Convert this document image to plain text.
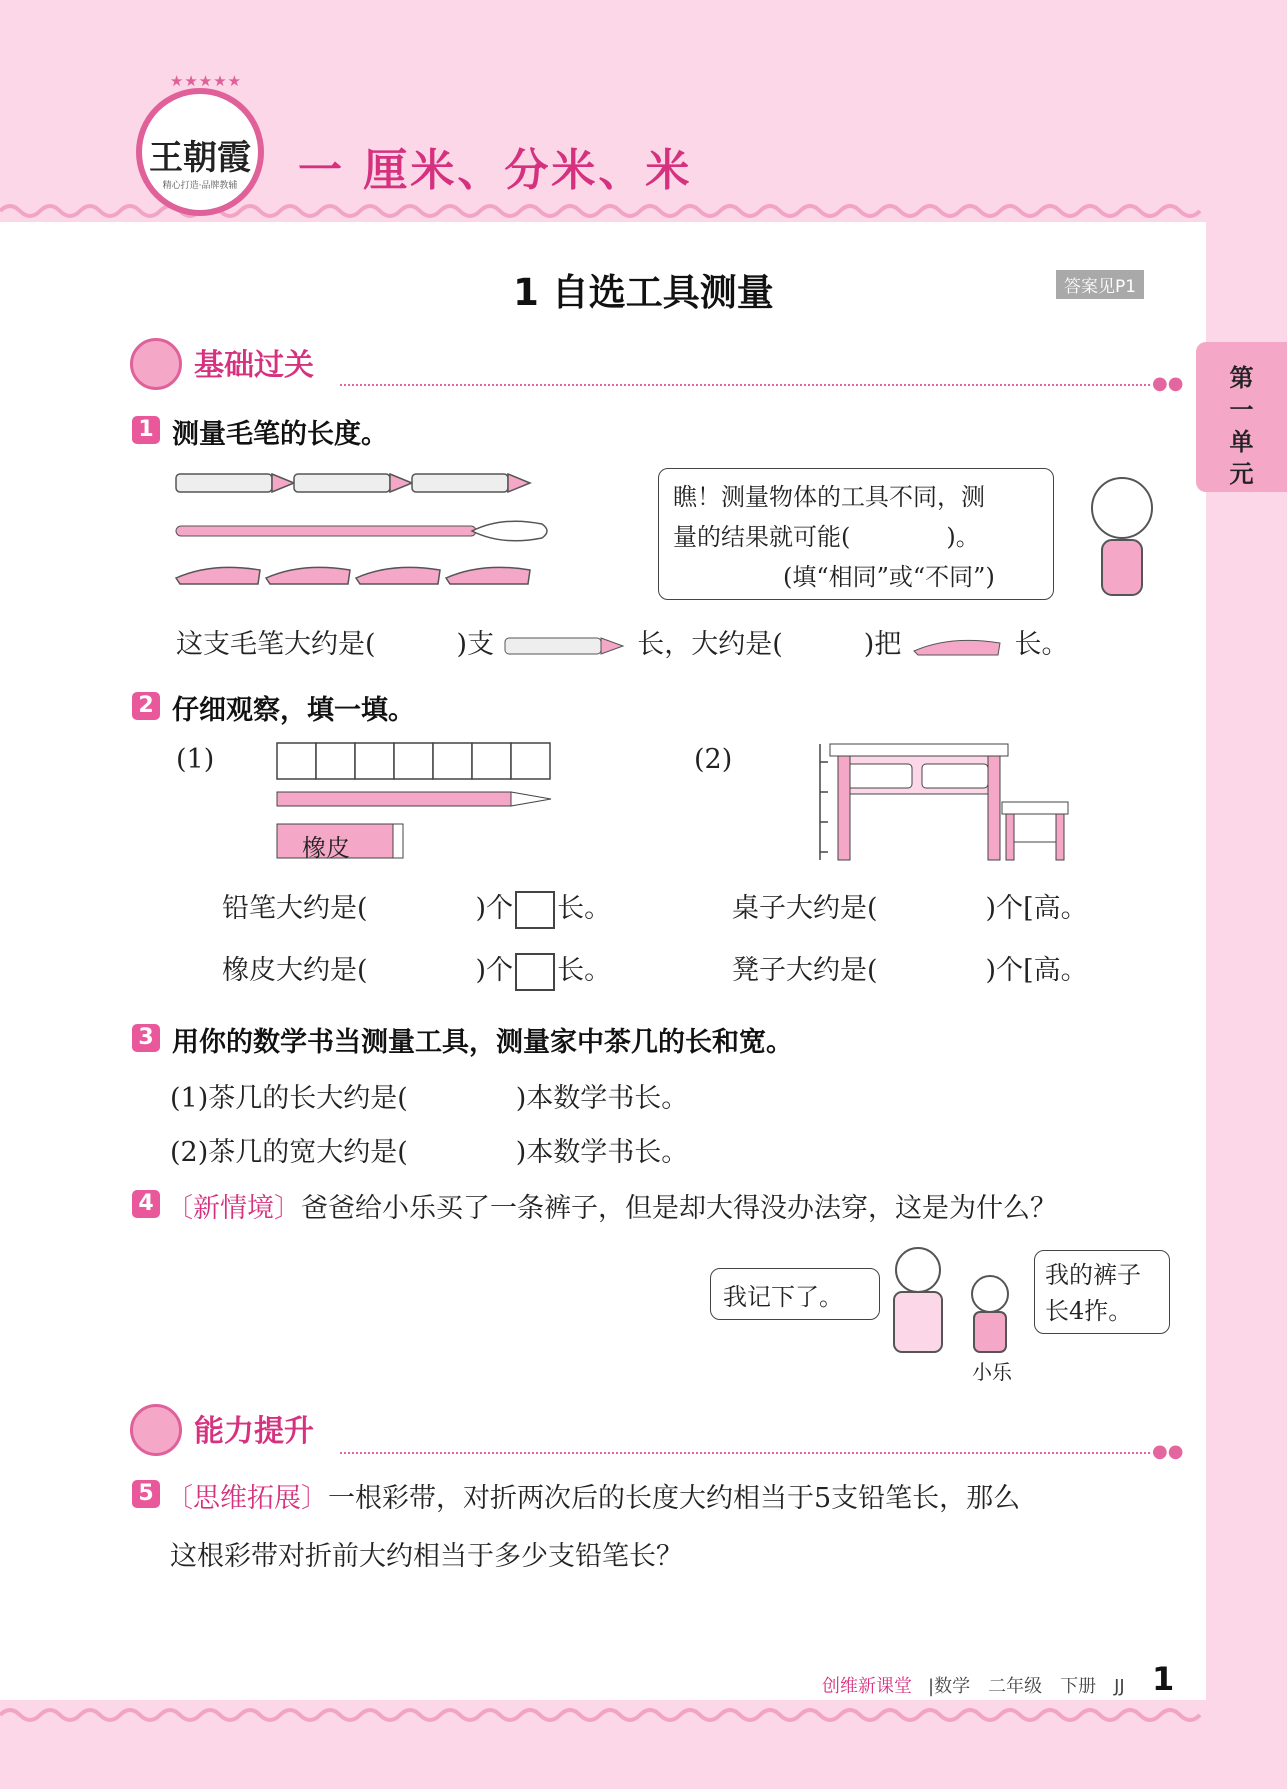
★★★★★
王朝霞
精心打造·品牌教辅	一 厘米、分米、米
1 自选工具测量	答案见P1
第一单元
基础过关
●●
1 测量毛笔的长度。
瞧！测量物体的工具不同，测
量的结果就可能(　　　　)。
(填“相同”或“不同”)
这支毛笔大约是(　　　)支	长，大约是(　　　)把	长。
2 仔细观察，填一填。
(1)
橡皮
(2)
铅笔大约是(　　　　)个 长。
橡皮大约是(　　　　)个 长。
桌子大约是(　　　　)个[高。
凳子大约是(　　　　)个[高。
3 用你的数学书当测量工具，测量家中茶几的长和宽。
(1)茶几的长大约是(　　　　)本数学书长。
(2)茶几的宽大约是(　　　　)本数学书长。
4 〔新情境〕爸爸给小乐买了一条裤子，但是却大得没办法穿，这是为什么？
我记下了。
我的裤子
长4拃。
小乐
能力提升
●●
5 〔思维拓展〕一根彩带，对折两次后的长度大约相当于5支铅笔长，那么
这根彩带对折前大约相当于多少支铅笔长？
创维新课堂 |数学　二年级　下册　JJ 1
